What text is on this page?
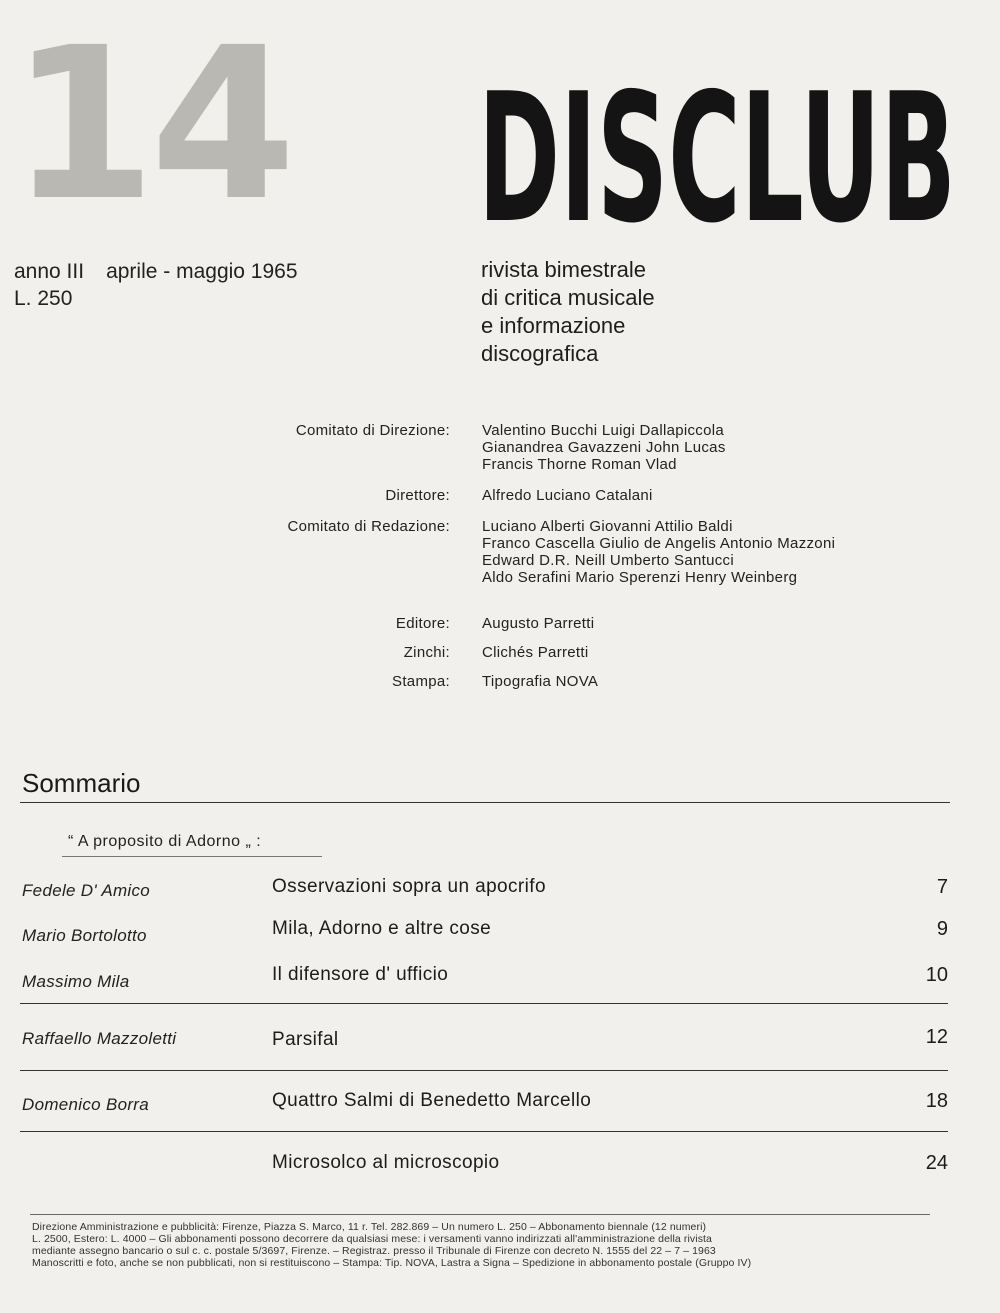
14 DISCLUB
anno III aprile - maggio 1965
L. 250
rivista bimestrale
di critica musicale
e informazione
discografica
Comitato di Direzione: Valentino Bucchi Luigi Dallapiccola
Gianandrea Gavazzeni John Lucas
Francis Thorne Roman Vlad
Direttore: Alfredo Luciano Catalani
Comitato di Redazione: Luciano Alberti Giovanni Attilio Baldi
Franco Cascella Giulio de Angelis Antonio Mazzoni
Edward D.R. Neill Umberto Santucci
Aldo Serafini Mario Sperenzi Henry Weinberg
Editore: Augusto Parretti
Zinchi: Clichés Parretti
Stampa: Tipografia NOVA
Sommario
“ A proposito di Adorno „ :
Fedele D' Amico	Osservazioni sopra un apocrifo	7
Mario Bortolotto	Mila, Adorno e altre cose	9
Massimo Mila	Il difensore d' ufficio	10
Raffaello Mazzoletti	Parsifal	12
Domenico Borra	Quattro Salmi di Benedetto Marcello	18
Microsolco al microscopio	24
Direzione Amministrazione e pubblicità: Firenze, Piazza S. Marco, 11 r. Tel. 282.869 – Un numero L. 250 – Abbonamento biennale (12 numeri)
L. 2500, Estero: L. 4000 – Gli abbonamenti possono decorrere da qualsiasi mese: i versamenti vanno indirizzati all'amministrazione della rivista
mediante assegno bancario o sul c. c. postale 5/3697, Firenze. – Registraz. presso il Tribunale di Firenze con decreto N. 1555 del 22 – 7 – 1963
Manoscritti e foto, anche se non pubblicati, non si restituiscono – Stampa: Tip. NOVA, Lastra a Signa – Spedizione in abbonamento postale (Gruppo IV)
